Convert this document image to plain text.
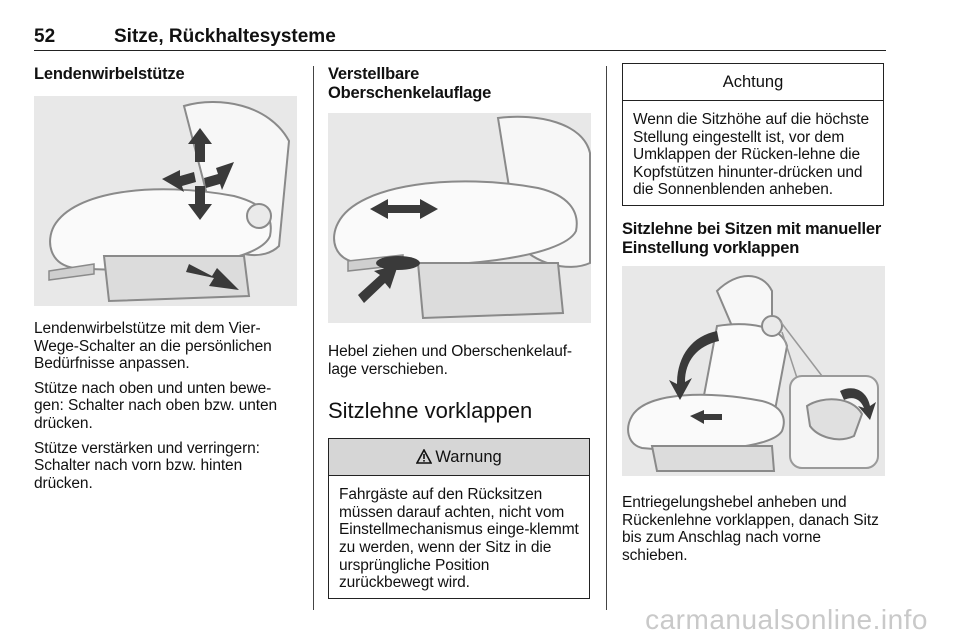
52	Sitze, Rückhaltesysteme
Lendenwirbelstütze

Lendenwirbelstütze mit dem Vier-Wege-Schalter an die persönlichen Bedürfnisse anpassen.

Stütze nach oben und unten bewe-gen: Schalter nach oben bzw. unten drücken.

Stütze verstärken und verringern: Schalter nach vorn bzw. hinten drücken.

Verstellbare Oberschenkelauflage

Hebel ziehen und Oberschenkelauf-lage verschieben.

Sitzlehne vorklappen
Warnung

Fahrgäste auf den Rücksitzen müssen darauf achten, nicht vom Einstellmechanismus einge-klemmt zu werden, wenn der Sitz in die ursprüngliche Position zurückbewegt wird.

Achtung

Wenn die Sitzhöhe auf die höchste Stellung eingestellt ist, vor dem Umklappen der Rücken-lehne die Kopfstützen hinunter-drücken und die Sonnenblenden anheben.

Sitzlehne bei Sitzen mit manueller Einstellung vorklappen

Entriegelungshebel anheben und Rückenlehne vorklappen, danach Sitz bis zum Anschlag nach vorne schieben.

carmanualsonline.info
